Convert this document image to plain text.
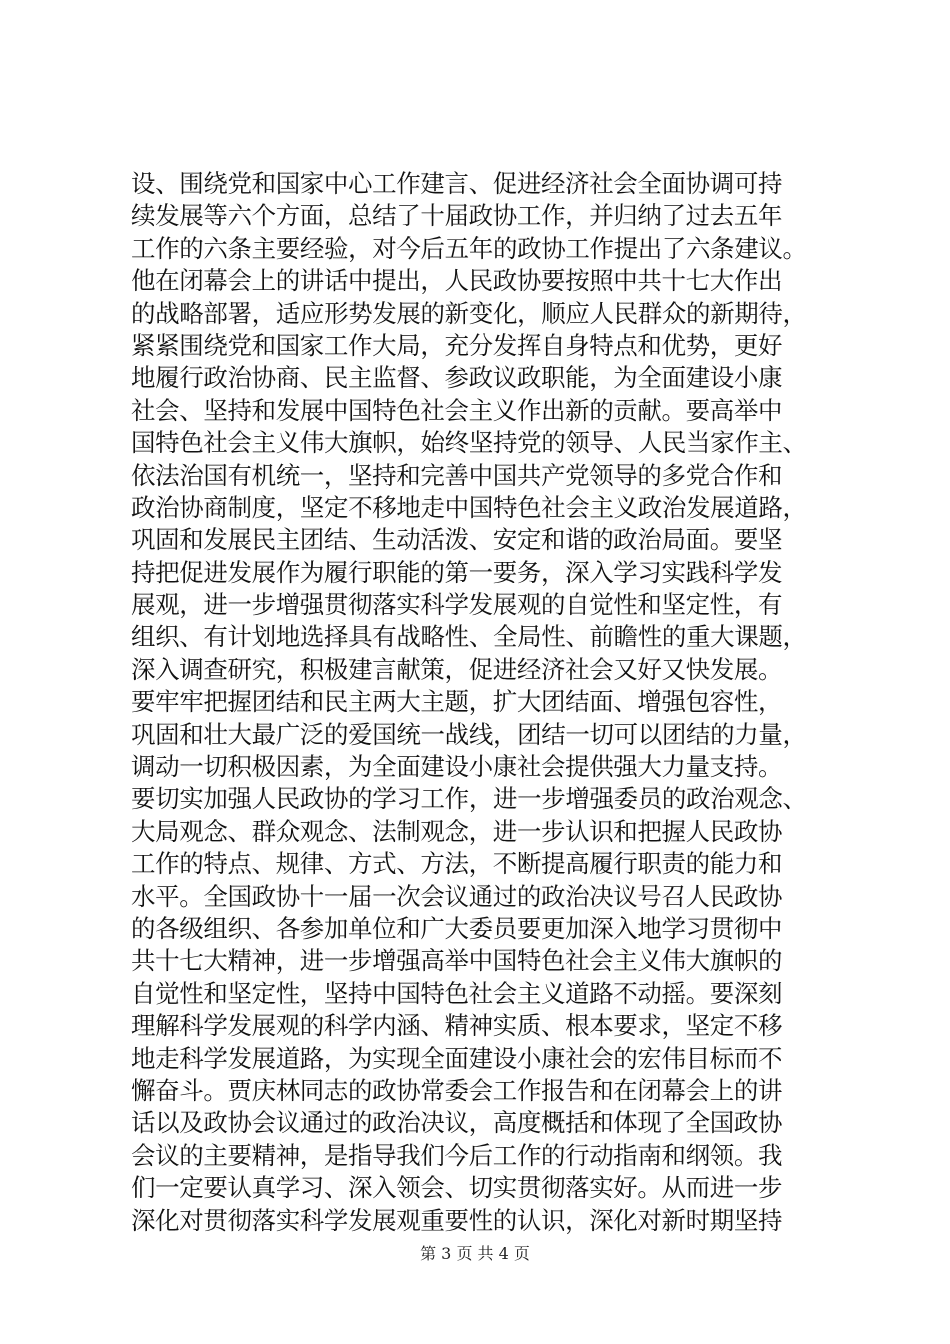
设、围绕党和国家中心工作建言、促进经济社会全面协调可持
续发展等六个方面，总结了十届政协工作，并归纳了过去五年
工作的六条主要经验，对今后五年的政协工作提出了六条建议。
他在闭幕会上的讲话中提出，人民政协要按照中共十七大作出
的战略部署，适应形势发展的新变化，顺应人民群众的新期待，
紧紧围绕党和国家工作大局，充分发挥自身特点和优势，更好
地履行政治协商、民主监督、参政议政职能，为全面建设小康
社会、坚持和发展中国特色社会主义作出新的贡献。要高举中
国特色社会主义伟大旗帜，始终坚持党的领导、人民当家作主、
依法治国有机统一，坚持和完善中国共产党领导的多党合作和
政治协商制度，坚定不移地走中国特色社会主义政治发展道路，
巩固和发展民主团结、生动活泼、安定和谐的政治局面。要坚
持把促进发展作为履行职能的第一要务，深入学习实践科学发
展观，进一步增强贯彻落实科学发展观的自觉性和坚定性，有
组织、有计划地选择具有战略性、全局性、前瞻性的重大课题，
深入调查研究，积极建言献策，促进经济社会又好又快发展。
要牢牢把握团结和民主两大主题，扩大团结面、增强包容性，
巩固和壮大最广泛的爱国统一战线，团结一切可以团结的力量，
调动一切积极因素，为全面建设小康社会提供强大力量支持。
要切实加强人民政协的学习工作，进一步增强委员的政治观念、
大局观念、群众观念、法制观念，进一步认识和把握人民政协
工作的特点、规律、方式、方法，不断提高履行职责的能力和
水平。全国政协十一届一次会议通过的政治决议号召人民政协
的各级组织、各参加单位和广大委员要更加深入地学习贯彻中
共十七大精神，进一步增强高举中国特色社会主义伟大旗帜的
自觉性和坚定性，坚持中国特色社会主义道路不动摇。要深刻
理解科学发展观的科学内涵、精神实质、根本要求，坚定不移
地走科学发展道路，为实现全面建设小康社会的宏伟目标而不
懈奋斗。贾庆林同志的政协常委会工作报告和在闭幕会上的讲
话以及政协会议通过的政治决议，高度概括和体现了全国政协
会议的主要精神，是指导我们今后工作的行动指南和纲领。我
们一定要认真学习、深入领会、切实贯彻落实好。从而进一步
深化对贯彻落实科学发展观重要性的认识，深化对新时期坚持
第 3 页 共 4 页
